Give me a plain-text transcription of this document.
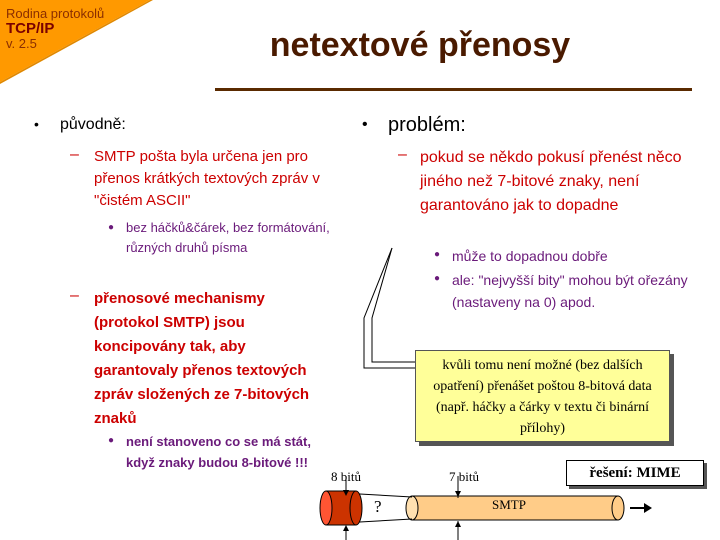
Rodina protokolů
TCP/IP
v. 2.5	netextové přenosy
• původně:
– SMTP pošta byla určena jen pro přenos krátkých textových zpráv v "čistém ASCII"
● bez háčků&čárek, bez formátování, různých druhů písma
– přenosové mechanismy (protokol SMTP) jsou koncipovány tak, aby garantovaly přenos textových zpráv složených ze 7-bitových znaků
● není stanoveno co se má stát, když znaky budou 8-bitové !!!
• problém:
– pokud se někdo pokusí přenést něco jiného než 7-bitové znaky, není garantováno jak to dopadne
● může to dopadnou dobře
● ale: "nejvyšší bity" mohou být ořezány (nastaveny na 0) apod.
kvůli tomu není možné (bez dalších opatření) přenášet poštou 8-bitová data (např. háčky a čárky v textu či binární přílohy)
řešení: MIME
8 bitů	7 bitů
?	SMTP
